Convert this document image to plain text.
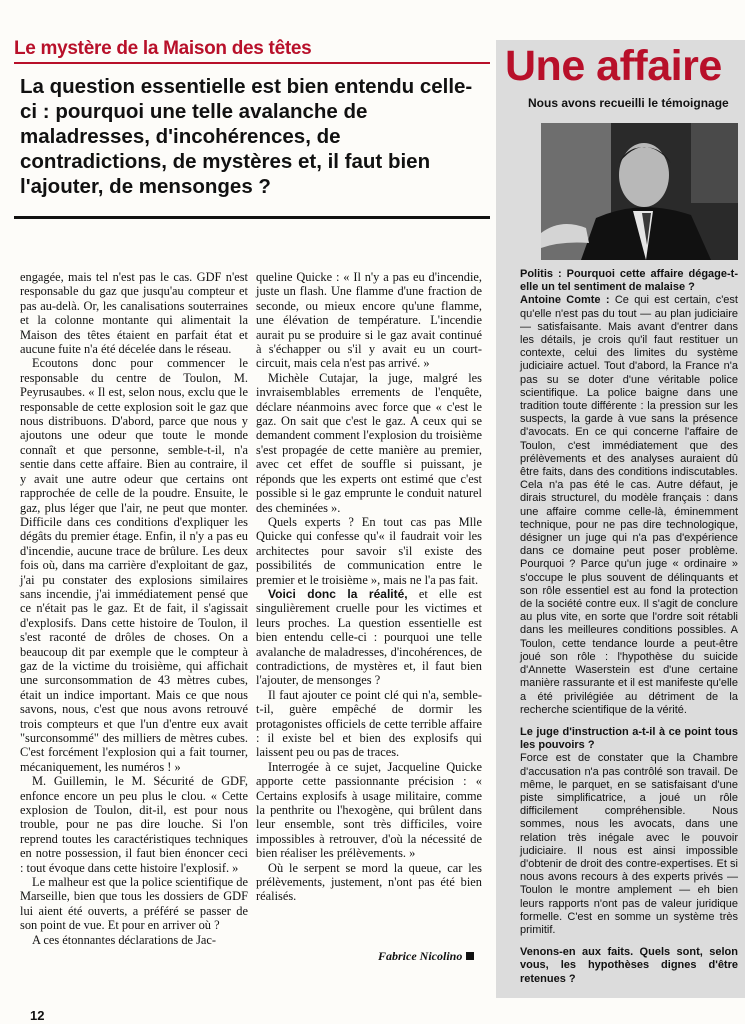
Le mystère de la Maison des têtes
La question essentielle est bien entendu celle-ci : pourquoi une telle avalanche de maladresses, d'incohérences, de contradictions, de mystères et, il faut bien l'ajouter, de mensonges ?

engagée, mais tel n'est pas le cas. GDF n'est responsable du gaz que jusqu'au compteur et pas au-delà. Or, les canalisations souterraines et la colonne montante qui alimentait la Maison des têtes étaient en parfait état et aucune fuite n'a été décelée dans le réseau.

Ecoutons donc pour commencer le responsable du centre de Toulon, M. Peyrusaubes. « Il est, selon nous, exclu que le responsable de cette explosion soit le gaz que nous distribuons. D'abord, parce que nous y ajoutons une odeur que toute le monde connaît et que personne, semble-t-il, n'a sentie dans cette affaire. Bien au contraire, il y avait une autre odeur que certains ont rapprochée de celle de la poudre. Ensuite, le gaz, plus léger que l'air, ne peut que monter. Difficile dans ces conditions d'expliquer les dégâts du premier étage. Enfin, il n'y a pas eu d'incendie, aucune trace de brûlure. Les deux fois où, dans ma carrière d'exploitant de gaz, j'ai pu constater des explosions similaires sans incendie, j'ai immédiatement pensé que ce n'était pas le gaz. Et de fait, il s'agissait d'explosifs. Dans cette histoire de Toulon, il s'est raconté de drôles de choses. On a beaucoup dit par exemple que le compteur à gaz de la victime du troisième, qui affichait une surconsommation de 43 mètres cubes, était un indice important. Mais ce que nous savons, nous, c'est que nous avons retrouvé trois compteurs et que l'un d'entre eux avait "surconsommé" des milliers de mètres cubes. C'est forcément l'explosion qui a fait tourner, mécaniquement, les numéros ! »

M. Guillemin, le M. Sécurité de GDF, enfonce encore un peu plus le clou. « Cette explosion de Toulon, dit-il, est pour nous trouble, pour ne pas dire louche. Si l'on reprend toutes les caractéristiques techniques en notre possession, il faut bien énoncer ceci : tout évoque dans cette histoire l'explosif. »

Le malheur est que la police scientifique de Marseille, bien que tous les dossiers de GDF lui aient été ouverts, a préféré se passer de son point de vue. Et pour en arriver où ?

A ces étonnantes déclarations de Jac-

queline Quicke : « Il n'y a pas eu d'incendie, juste un flash. Une flamme d'une fraction de seconde, ou mieux encore qu'une flamme, une élévation de température. L'incendie aurait pu se produire si le gaz avait continué à s'échapper ou s'il y avait eu un court-circuit, mais cela n'est pas arrivé. »

Michèle Cutajar, la juge, malgré les invraisemblables errements de l'enquête, déclare néanmoins avec force que « c'est le gaz. On sait que c'est le gaz. A ceux qui se demandent comment l'explosion du troisième s'est propagée de cette manière au premier, avec cet effet de souffle si puissant, je réponds que les experts ont estimé que c'est possible si le gaz emprunte le conduit naturel des cheminées ».

Quels experts ? En tout cas pas Mlle Quicke qui confesse qu'« il faudrait voir les architectes pour savoir s'il existe des possibilités de communication entre le premier et le troisième », mais ne l'a pas fait.

Voici donc la réalité, et elle est singulièrement cruelle pour les victimes et leurs proches. La question essentielle est bien entendu celle-ci : pourquoi une telle avalanche de maladresses, d'incohérences, de contradictions, de mystères et, il faut bien l'ajouter, de mensonges ?

Il faut ajouter ce point clé qui n'a, semble-t-il, guère empêché de dormir les protagonistes officiels de cette terrible affaire : il existe bel et bien des explosifs qui laissent peu ou pas de traces.

Interrogée à ce sujet, Jacqueline Quicke apporte cette passionnante précision : « Certains explosifs à usage militaire, comme la penthrite ou l'hexogène, qui brûlent dans leur ensemble, sont très difficiles, voire impossibles à retrouver, d'où la nécessité de bien réaliser les prélèvements. »

Où le serpent se mord la queue, car les prélèvements, justement, n'ont pas été bien réalisés.

Fabrice Nicolino
12
Une affaire
Nous avons recueilli le témoignage

Politis : Pourquoi cette affaire dégage-t-elle un tel sentiment de malaise ?

Antoine Comte : Ce qui est certain, c'est qu'elle n'est pas du tout — au plan judiciaire — satisfaisante. Mais avant d'entrer dans les détails, je crois qu'il faut restituer un contexte, celui des limites du système judiciaire actuel. Tout d'abord, la France n'a pas su se doter d'une véritable police scientifique. La police baigne dans une tradition toute différente : la pression sur les suspects, la garde à vue sans la présence d'avocats. En ce qui concerne l'affaire de Toulon, c'est immédiatement que des prélèvements et des analyses auraient dû être faits, dans des conditions indiscutables. Cela n'a pas été le cas. Autre défaut, je dirais structurel, du modèle français : dans une affaire comme celle-là, éminemment technique, pour ne pas dire technologique, désigner un juge qui n'a pas d'expérience dans ce domaine peut poser problème. Pourquoi ? Parce qu'un juge « ordinaire » s'occupe le plus souvent de délinquants et son rôle essentiel est au fond la protection de la société contre eux. Il s'agit de conclure au plus vite, en sorte que l'ordre soit rétabli dans les meilleures conditions possibles. A Toulon, cette tendance lourde a peut-être joué son rôle : l'hypothèse du suicide d'Annette Waserstein est d'une certaine manière rassurante et il est manifeste qu'elle a été privilégiée au détriment de la recherche scientifique de la vérité.

Le juge d'instruction a-t-il à ce point tous les pouvoirs ?

Force est de constater que la Chambre d'accusation n'a pas contrôlé son travail. De même, le parquet, en se satisfaisant d'une piste simplificatrice, a joué un rôle difficilement compréhensible. Nous sommes, nous les avocats, dans une relation très inégale avec le pouvoir judiciaire. Il nous est ainsi impossible d'obtenir de droit des contre-expertises. Et si nous avons recours à des experts privés — Toulon le montre amplement — eh bien leurs rapports n'ont pas de valeur juridique formelle. C'est en somme un système très primitif.

Venons-en aux faits. Quels sont, selon vous, les hypothèses dignes d'être retenues ?
